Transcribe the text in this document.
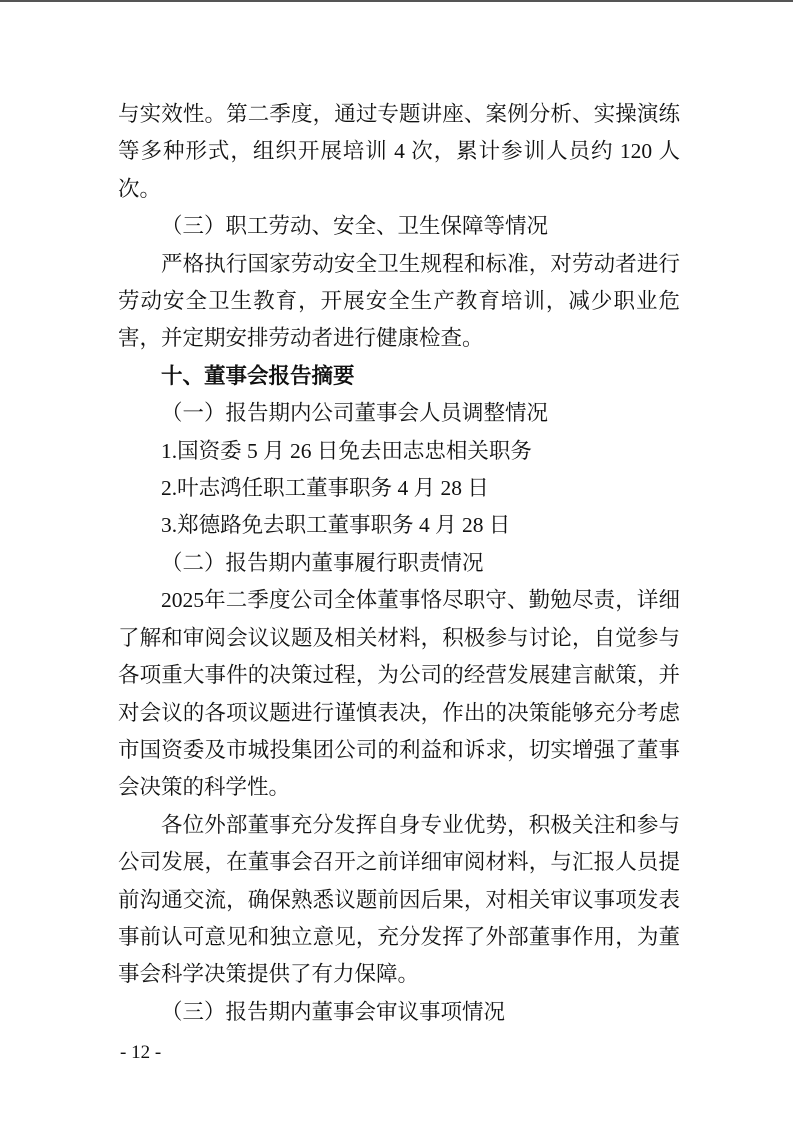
与实效性。第二季度，通过专题讲座、案例分析、实操演练等多种形式，组织开展培训 4 次，累计参训人员约 120 人次。

（三）职工劳动、安全、卫生保障等情况

严格执行国家劳动安全卫生规程和标准，对劳动者进行劳动安全卫生教育，开展安全生产教育培训，减少职业危害，并定期安排劳动者进行健康检查。

十、董事会报告摘要

（一）报告期内公司董事会人员调整情况

1.国资委 5 月 26 日免去田志忠相关职务

2.叶志鸿任职工董事职务 4 月 28 日

3.郑德路免去职工董事职务 4 月 28 日

（二）报告期内董事履行职责情况

2025年二季度公司全体董事恪尽职守、勤勉尽责，详细了解和审阅会议议题及相关材料，积极参与讨论，自觉参与各项重大事件的决策过程，为公司的经营发展建言献策，并对会议的各项议题进行谨慎表决，作出的决策能够充分考虑市国资委及市城投集团公司的利益和诉求，切实增强了董事会决策的科学性。

各位外部董事充分发挥自身专业优势，积极关注和参与公司发展，在董事会召开之前详细审阅材料，与汇报人员提前沟通交流，确保熟悉议题前因后果，对相关审议事项发表事前认可意见和独立意见，充分发挥了外部董事作用，为董事会科学决策提供了有力保障。

（三）报告期内董事会审议事项情况

- 12 -
